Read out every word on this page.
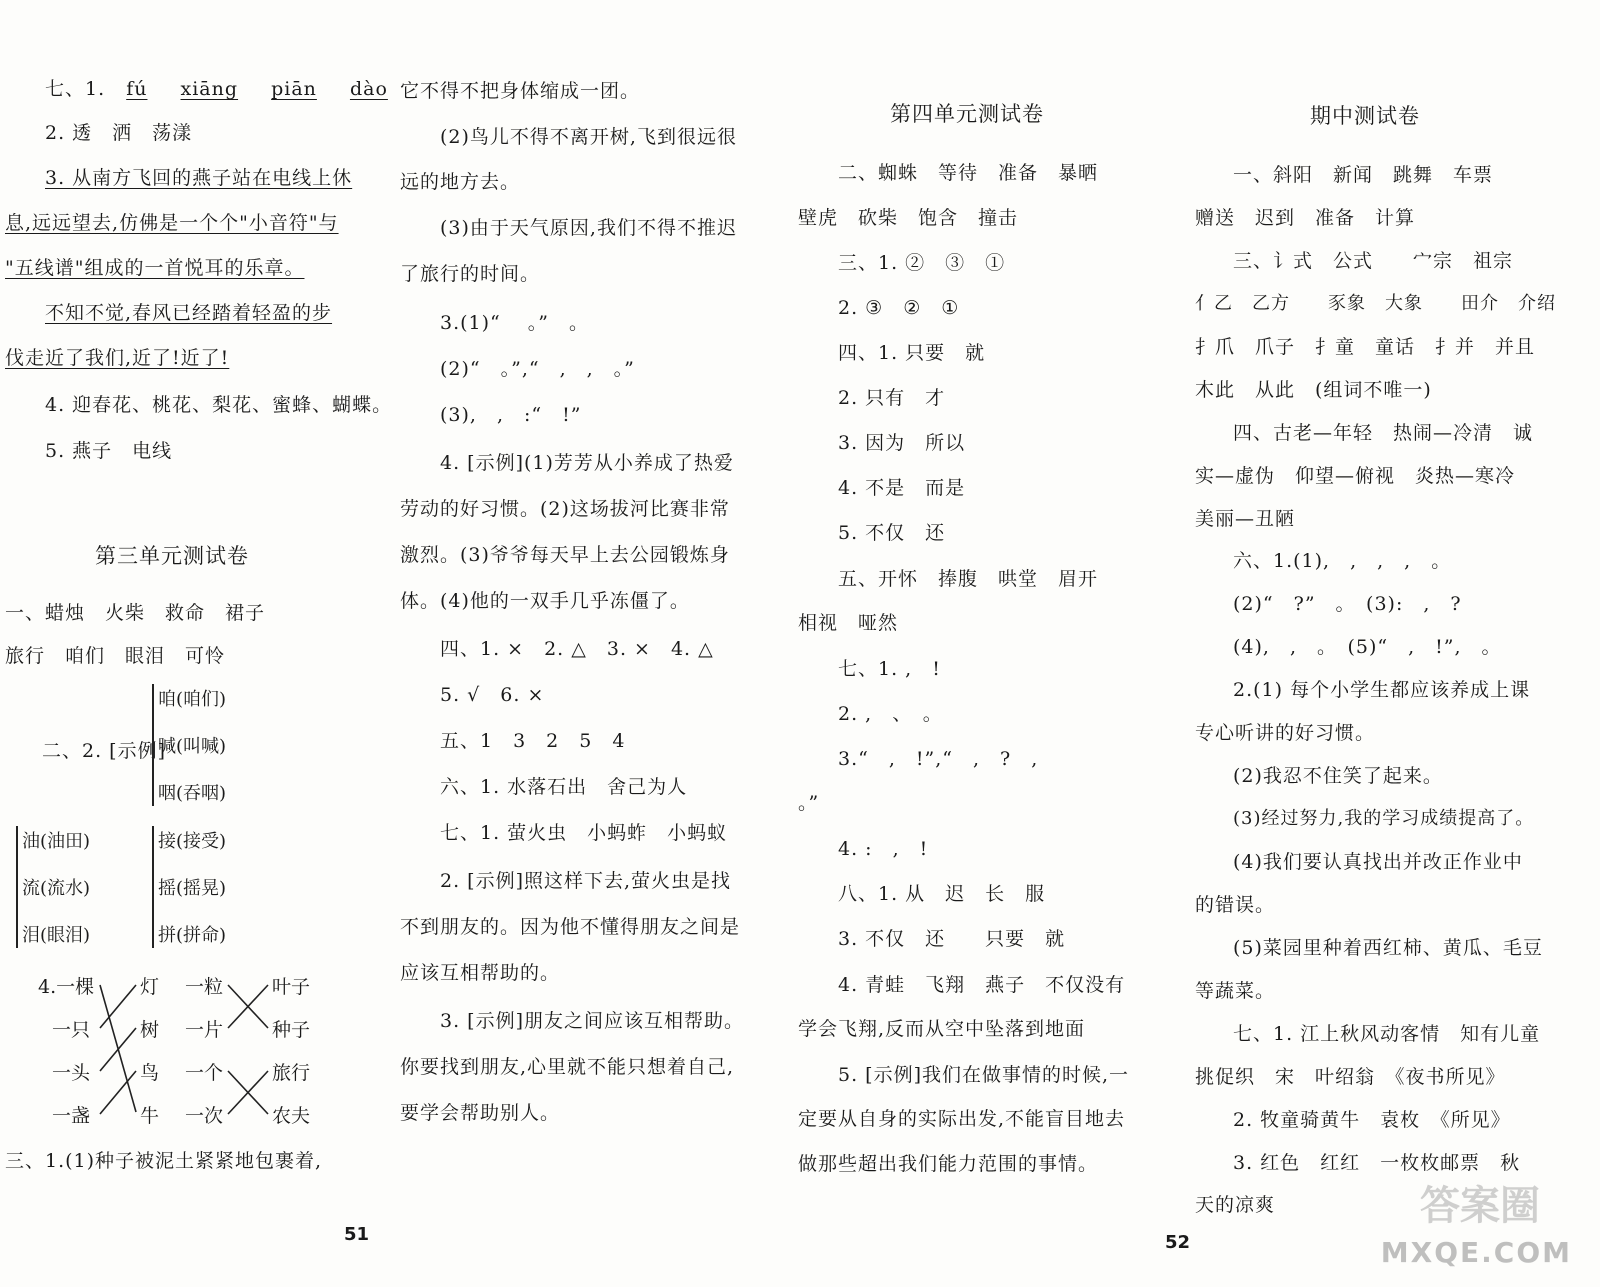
七、1. fú xiāng piān dào
2. 透　洒　荡漾
3. 从南方飞回的燕子站在电线上休
息,远远望去,仿佛是一个个"小音符"与
"五线谱"组成的一首悦耳的乐章。
不知不觉,春风已经踏着轻盈的步
伐走近了我们,近了!近了!
4. 迎春花、桃花、梨花、蜜蜂、蝴蝶。
5. 燕子　电线
第三单元测试卷
一、蜡烛　火柴　救命　裙子
旅行　咱们　眼泪　可怜
二、2. [示例]
咱(咱们)
喊(叫喊)
咽(吞咽)
油(油田)
流(流水)
泪(眼泪)
接(接受)
摇(摇晃)
拼(拼命)
4.一棵
一只
一头
一盏
灯
树
鸟
牛
一粒
一片
一个
一次
叶子
种子
旅行
农夫
三、1.(1)种子被泥土紧紧地包裹着,
51
它不得不把身体缩成一团。
(2)鸟儿不得不离开树,飞到很远很
远的地方去。
(3)由于天气原因,我们不得不推迟
了旅行的时间。
3.(1)“　 。”　。
(2)“　。”,“　,　,　。”
(3),　,　:“　!”
4. [示例](1)芳芳从小养成了热爱
劳动的好习惯。(2)这场拔河比赛非常
激烈。(3)爷爷每天早上去公园锻炼身
体。(4)他的一双手几乎冻僵了。
四、1. ×　2. △　3. ×　4. △
5. √　6. ×
五、1　3　2　5　4
六、1. 水落石出　舍己为人
七、1. 萤火虫　小蚂蚱　小蚂蚁
2. [示例]照这样下去,萤火虫是找
不到朋友的。因为他不懂得朋友之间是
应该互相帮助的。
3. [示例]朋友之间应该互相帮助。
你要找到朋友,心里就不能只想着自己,
要学会帮助别人。
第四单元测试卷
二、蜘蛛　等待　准备　暴晒
壁虎　砍柴　饱含　撞击
三、1. ②　③　①
2. ③　②　①
四、1. 只要　就
2. 只有　才
3. 因为　所以
4. 不是　而是
5. 不仅　还
五、开怀　捧腹　哄堂　眉开
相视　哑然
七、1. ,　!
2. ,　、　。
3.“　,　!”,“　,　?　,
。”
4. :　,　!
八、1. 从　迟　长　服
3. 不仅　还　　只要　就
4. 青蛙　飞翔　燕子　不仅没有
学会飞翔,反而从空中坠落到地面
5. [示例]我们在做事情的时候,一
定要从自身的实际出发,不能盲目地去
做那些超出我们能力范围的事情。
52
期中测试卷
一、斜阳　新闻　跳舞　车票
赠送　迟到　准备　计算
三、讠式　公式　　宀宗　祖宗
亻乙　乙方　　豕象　大象　　田介　介绍
扌爪　爪子　扌童　童话　扌并　并且
木此　从此　(组词不唯一)
四、古老—年轻　热闹—冷清　诚
实—虚伪　仰望—俯视　炎热—寒冷
美丽—丑陋
六、1.(1),　,　,　,　。
(2)“　?”　。　(3):　,　?
(4),　,　。　(5)“　,　!”,　。
2.(1) 每个小学生都应该养成上课
专心听讲的好习惯。
(2)我忍不住笑了起来。
(3)经过努力,我的学习成绩提高了。
(4)我们要认真找出并改正作业中
的错误。
(5)菜园里种着西红柿、黄瓜、毛豆
等蔬菜。
七、1. 江上秋风动客情　知有儿童
挑促织　宋　叶绍翁　《夜书所见》
2. 牧童骑黄牛　袁枚　《所见》
3. 红色　红红　一枚枚邮票　秋
天的凉爽	答案圈
MXQE.COM
